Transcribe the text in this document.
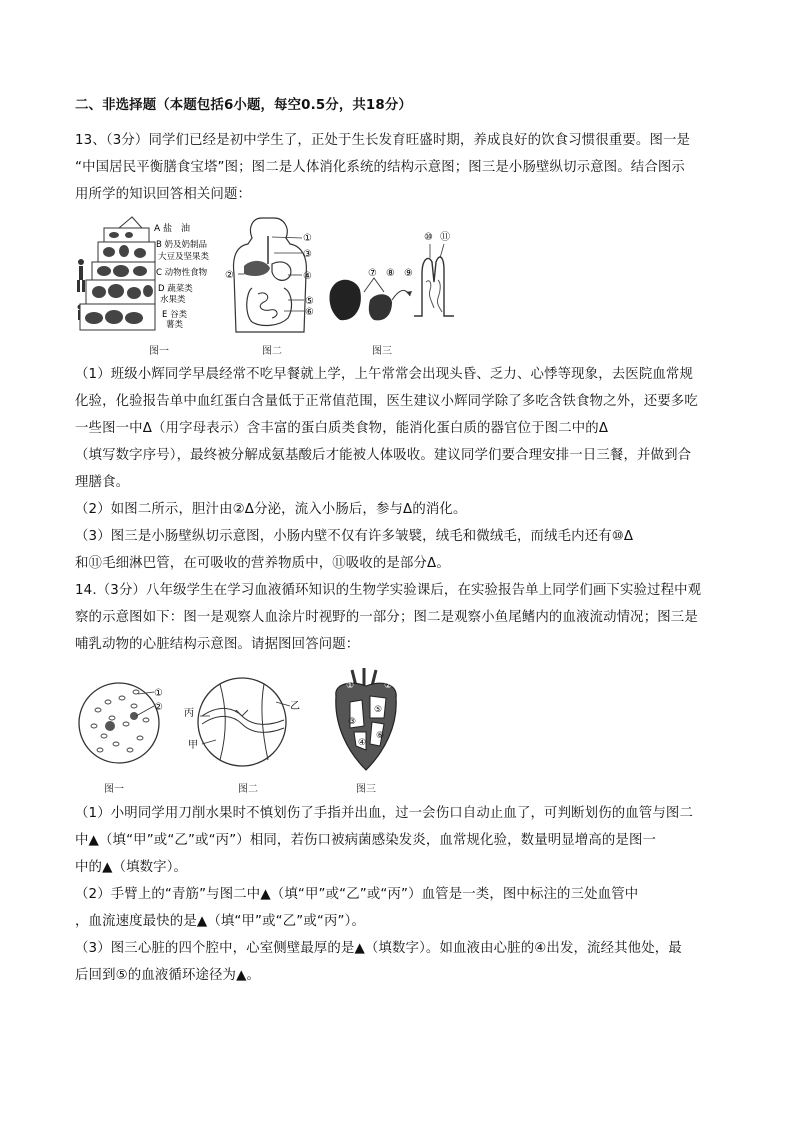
二、非选择题（本题包括6小题，每空0.5分，共18分）
13、（3分）同学们已经是初中学生了，正处于生长发育旺盛时期，养成良好的饮食习惯很重要。图一是
“中国居民平衡膳食宝塔”图；图二是人体消化系统的结构示意图；图三是小肠壁纵切示意图。结合图示
用所学的知识回答相关问题：
A 盐　油
B 奶及奶制品
大豆及坚果类
C 动物性食物
D 蔬菜类
水果类
E 谷类
薯类
图一
①
③
②	④
⑤
⑥
图二
⑦ ⑧ ⑨
⑩ ⑪
图三
（1）班级小辉同学早晨经常不吃早餐就上学，上午常常会出现头昏、乏力、心悸等现象，去医院血常规
化验，化验报告单中血红蛋白含量低于正常值范围，医生建议小辉同学除了多吃含铁食物之外，还要多吃
一些图一中Δ（用字母表示）含丰富的蛋白质类食物，能消化蛋白质的器官位于图二中的Δ
（填写数字序号），最终被分解成氨基酸后才能被人体吸收。建议同学们要合理安排一日三餐，并做到合
理膳食。
（2）如图二所示，胆汁由②Δ分泌，流入小肠后，参与Δ的消化。
（3）图三是小肠壁纵切示意图，小肠内壁不仅有许多皱襞，绒毛和微绒毛，而绒毛内还有⑩Δ
和⑪毛细淋巴管，在可吸收的营养物质中，⑪吸收的是部分Δ。
14.（3分）八年级学生在学习血液循环知识的生物学实验课后，在实验报告单上同学们画下实验过程中观
察的示意图如下：图一是观察人血涂片时视野的一部分；图二是观察小鱼尾鳍内的血液流动情况；图三是
哺乳动物的心脏结构示意图。请据图回答问题：
①
②
图一
乙
丙
甲
图二
①	②
③
④
⑤
⑥
图三
（1）小明同学用刀削水果时不慎划伤了手指并出血，过一会伤口自动止血了，可判断划伤的血管与图二
中▲（填“甲”或“乙”或“丙”）相同，若伤口被病菌感染发炎，血常规化验，数量明显增高的是图一
中的▲（填数字）。
（2）手臂上的“青筋”与图二中▲（填“甲”或“乙”或“丙”）血管是一类，图中标注的三处血管中
，血流速度最快的是▲（填“甲”或“乙”或“丙”）。
（3）图三心脏的四个腔中，心室侧壁最厚的是▲（填数字）。如血液由心脏的④出发，流经其他处，最
后回到⑤的血液循环途径为▲。
